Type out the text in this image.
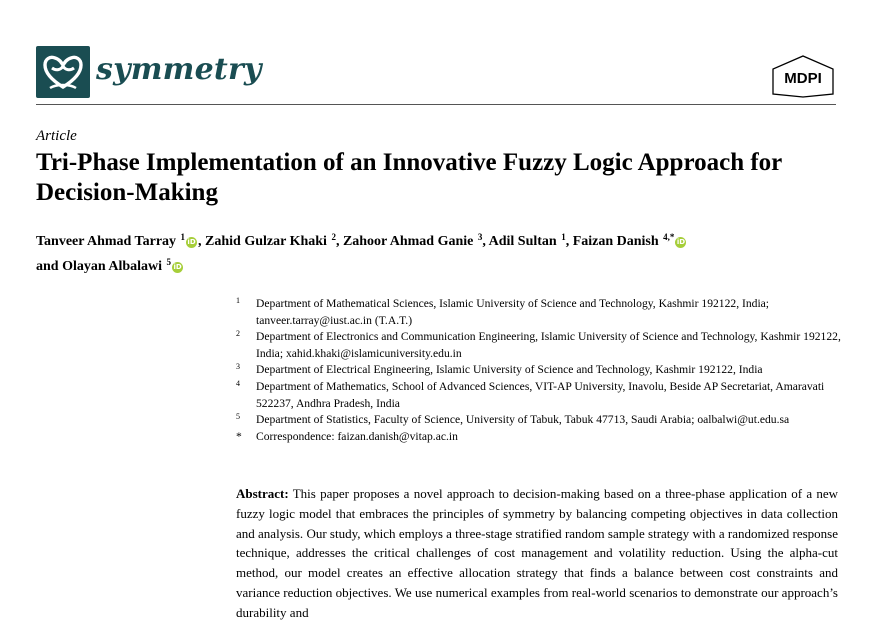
symmetry	MDPI
Article
Tri-Phase Implementation of an Innovative Fuzzy Logic Approach for Decision-Making
Tanveer Ahmad Tarray $^1$ iD , Zahid Gulzar Khaki $^2$, Zahoor Ahmad Ganie $^3$, Adil Sultan $^1$, Faizan Danish $^{4,*}$ iD
and Olayan Albalawi $^5$ iD
1 Department of Mathematical Sciences, Islamic University of Science and Technology, Kashmir 192122, India; tanveer.tarray@iust.ac.in (T.A.T.)
2 Department of Electronics and Communication Engineering, Islamic University of Science and Technology, Kashmir 192122, India; xahid.khaki@islamicuniversity.edu.in
3 Department of Electrical Engineering, Islamic University of Science and Technology, Kashmir 192122, India
4 Department of Mathematics, School of Advanced Sciences, VIT-AP University, Inavolu, Beside AP Secretariat, Amaravati 522237, Andhra Pradesh, India
5 Department of Statistics, Faculty of Science, University of Tabuk, Tabuk 47713, Saudi Arabia; oalbalwi@ut.edu.sa
* Correspondence: faizan.danish@vitap.ac.in

Abstract: This paper proposes a novel approach to decision-making based on a three-phase application of a new fuzzy logic model that embraces the principles of symmetry by balancing competing objectives in data collection and analysis. Our study, which employs a three-stage stratified random sample strategy with a randomized response technique, addresses the critical challenges of cost management and volatility reduction. Using the alpha-cut method, our model creates an effective allocation strategy that finds a balance between cost constraints and variance reduction objectives. We use numerical examples from real-world scenarios to demonstrate our approach’s durability and
